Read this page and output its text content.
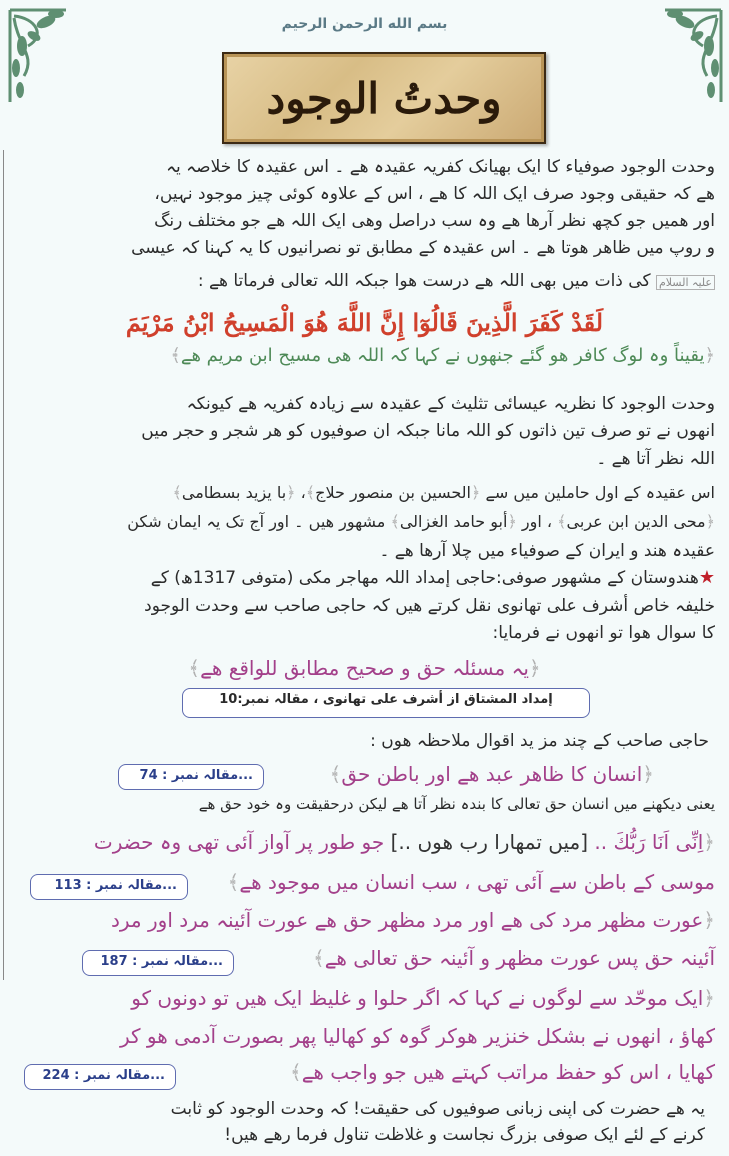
بسم الله الرحمن الرحیم
وحدتُ الوجود
وحدت الوجود صوفیاء کا ایک بھیانک کفریہ عقیدہ ھے ۔ اس عقیدہ کا خلاصہ یہ
ھے کہ حقیقی وجود صرف ایک اللہ کا ھے ، اس کے علاوہ کوئی چیز موجود نہیں،
اور ھمیں جو کچھ نظر آرھا ھے وہ سب دراصل وھی ایک اللہ ھے جو مختلف رنگ
و روپ میں ظاھر ھوتا ھے ۔ اس عقیدہ کے مطابق تو نصرانیوں کا یہ کہنا کہ عیسی
علیہ السلام کی ذات میں بھی اللہ ھے درست ھوا جبکہ اللہ تعالی فرماتا ھے :
لَقَدْ كَفَرَ الَّذِينَ قَالُوٓا إِنَّ اللَّهَ هُوَ الْمَسِيحُ ابْنُ مَرْيَمَ
﴿یقیناً وہ لوگ کافر ھو گئے جنھوں نے کہا کہ اللہ ھی مسیح ابن مریم ھے﴾
وحدت الوجود کا نظریہ عیسائی تثلیث کے عقیدہ سے زیادہ کفریہ ھے کیونکہ
انھوں نے تو صرف تین ذاتوں کو اللہ مانا جبکہ ان صوفیوں کو ھر شجر و حجر میں
اللہ نظر آتا ھے ۔
اس عقیدہ کے اول حاملین میں سے ﴿الحسین بن منصور حلاج﴾، ﴿با یزید بسطامی﴾
﴿محی الدین ابن عربی﴾ ، اور ﴿أبو حامد الغزالی﴾ مشھور ھیں ۔ اور آج تک یہ ایمان شکن
عقیدہ ھند و ایران کے صوفیاء میں چلا آرھا ھے ۔
★ھندوستان کے مشھور صوفی:حاجی إمداد اللہ مھاجر مکی (متوفی 1317ھ) کے
خلیفہ خاص أشرف علی تھانوی نقل کرتے ھیں کہ حاجی صاحب سے وحدت الوجود
کا سوال ھوا تو انھوں نے فرمایا:
﴿یہ مسئلہ حق و صحیح مطابق للواقع ھے﴾
إمداد المشتاق از أشرف علی تھانوی ، مقالہ نمبر:10
حاجی صاحب کے چند مز ید اقوال ملاحظہ ھوں :
﴿انسان کا ظاھر عبد ھے اور باطن حق﴾
...مقالہ نمبر : 74
یعنی دیکھنے میں انسان حق تعالی کا بندہ نظر آتا ھے لیکن درحقیقت وہ خود حق ھے
﴿اِنِّی اَنَا رَبُّكَ .. [میں تمھارا رب ھوں ..] جو طور پر آواز آئی تھی وہ حضرت
موسی کے باطن سے آئی تھی ، سب انسان میں موجود ھے﴾
...مقالہ نمبر : 113
﴿عورت مظھر مرد کی ھے اور مرد مظھر حق ھے عورت آئینہ مرد اور مرد
آئینہ حق پس عورت مظھر و آئینہ حق تعالی ھے﴾
...مقالہ نمبر : 187
﴿ایک موحّد سے لوگوں نے کہا کہ اگر حلوا و غلیظ ایک ھیں تو دونوں کو
کھاؤ ، انھوں نے بشکل خنزیر ھوکر گوہ کو کھالیا پھر بصورت آدمی ھو کر
کھایا ، اس کو حفظ مراتب کہتے ھیں جو واجب ھے﴾
...مقالہ نمبر : 224
یہ ھے حضرت کی اپنی زبانی صوفیوں کی حقیقت! کہ وحدت الوجود کو ثابت
کرنے کے لئے ایک صوفی بزرگ نجاست و غلاظت تناول فرما رھے ھیں!
